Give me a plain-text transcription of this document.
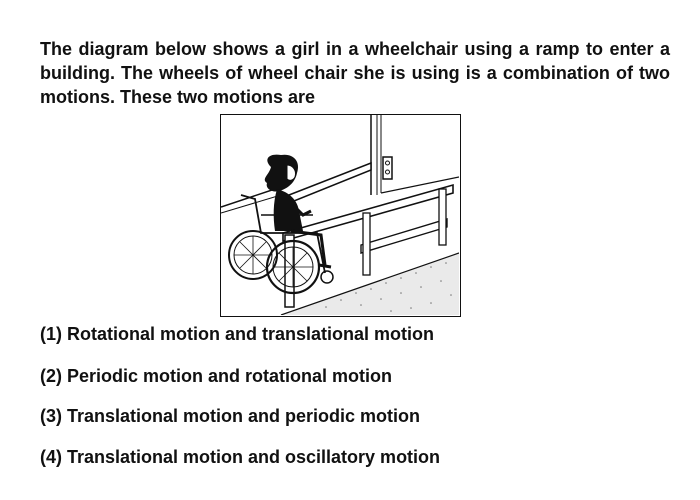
The diagram below shows a girl in a wheelchair using a ramp to enter a building. The wheels of wheel chair she is using is a combination of two motions. These two motions are

(1) Rotational motion and translational motion

(2) Periodic motion and rotational motion

(3) Translational motion and periodic motion

(4) Translational motion and oscillatory motion
